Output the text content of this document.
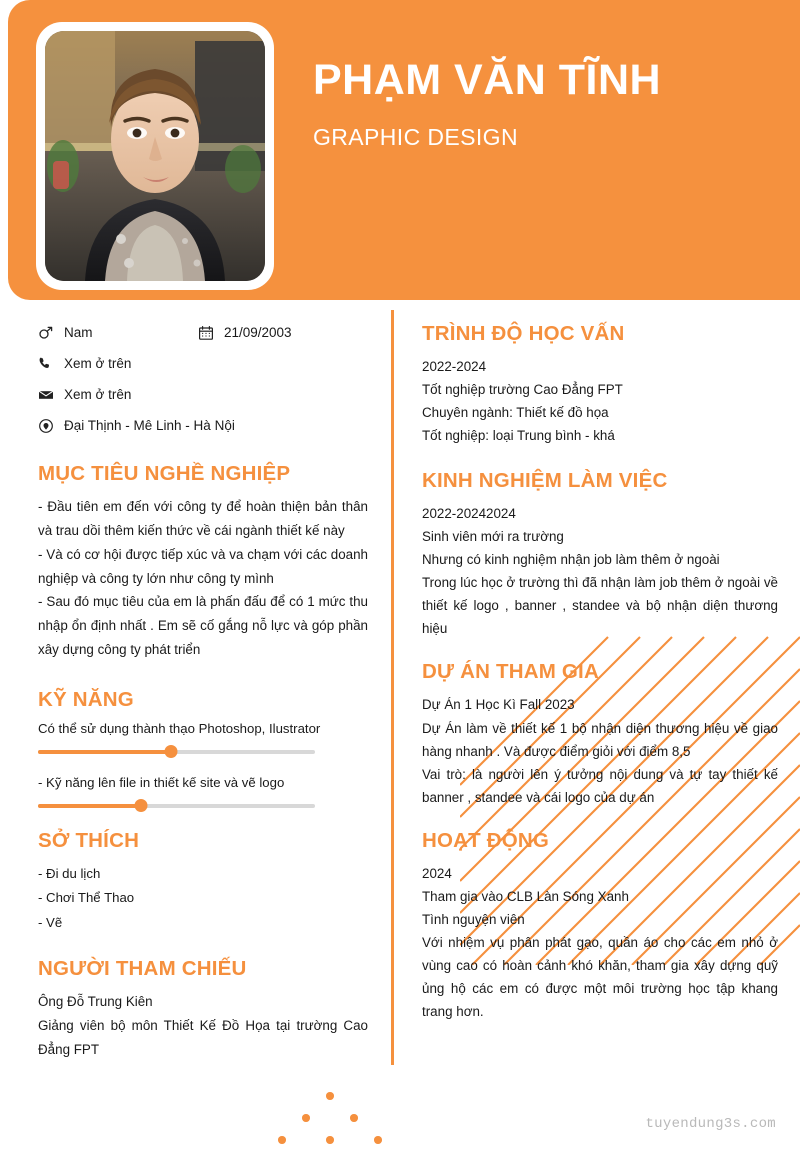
PHẠM VĂN TĨNH
GRAPHIC DESIGN
Nam	21/09/2003
Xem ở trên
Xem ở trên
Đại Thịnh - Mê Linh - Hà Nội
MỤC TIÊU NGHỀ NGHIỆP
- Đầu tiên em đến với công ty để hoàn thiện bản thân và trau dồi thêm kiến thức về cái ngành thiết kế này
- Và có cơ hội được tiếp xúc và va chạm với các doanh nghiệp và công ty lớn như công ty mình
- Sau đó mục tiêu của em là phấn đấu để có 1 mức thu nhập ổn định nhất . Em sẽ cố gắng nỗ lực và góp phần xây dựng công ty phát triển
KỸ NĂNG
Có thể sử dụng thành thạo Photoshop, Ilustrator
- Kỹ năng lên file in thiết kế site và vẽ logo
SỞ THÍCH
- Đi du lịch
- Chơi Thể Thao
- Vẽ
NGƯỜI THAM CHIẾU
Ông Đỗ Trung Kiên
Giảng viên bộ môn Thiết Kế Đồ Họa tại trường Cao Đẳng FPT
TRÌNH ĐỘ HỌC VẤN
2022-2024
Tốt nghiệp trường Cao Đẳng FPT
Chuyên ngành: Thiết kế đồ họa
Tốt nghiệp: loại Trung bình - khá
KINH NGHIỆM LÀM VIỆC
2022-20242024
Sinh viên mới ra trường
Nhưng có kinh nghiệm nhận job làm thêm ở ngoài
Trong lúc học ở trường thì đã nhận làm job thêm ở ngoài về thiết kế logo , banner , standee và bộ nhận diện thương hiệu
DỰ ÁN THAM GIA
Dự Án 1 Học Kì Fall 2023
Dự Án làm về thiết kế 1 bộ nhận diện thương hiệu về giao hàng nhanh . Và được điểm giỏi với điểm 8,5
Vai trò: là người lên ý tưởng nội dung và tự tay thiết kế banner , standee và cái logo của dự án
HOẠT ĐỘNG
2024
Tham gia vào CLB Làn Sóng Xanh
Tình nguyện viên
Với nhiệm vụ phân phát gạo, quần áo cho các em nhỏ ở vùng cao có hoàn cảnh khó khăn, tham gia xây dựng quỹ ủng hộ các em có được một môi trường học tập khang trang hơn.
tuyendung3s.com
